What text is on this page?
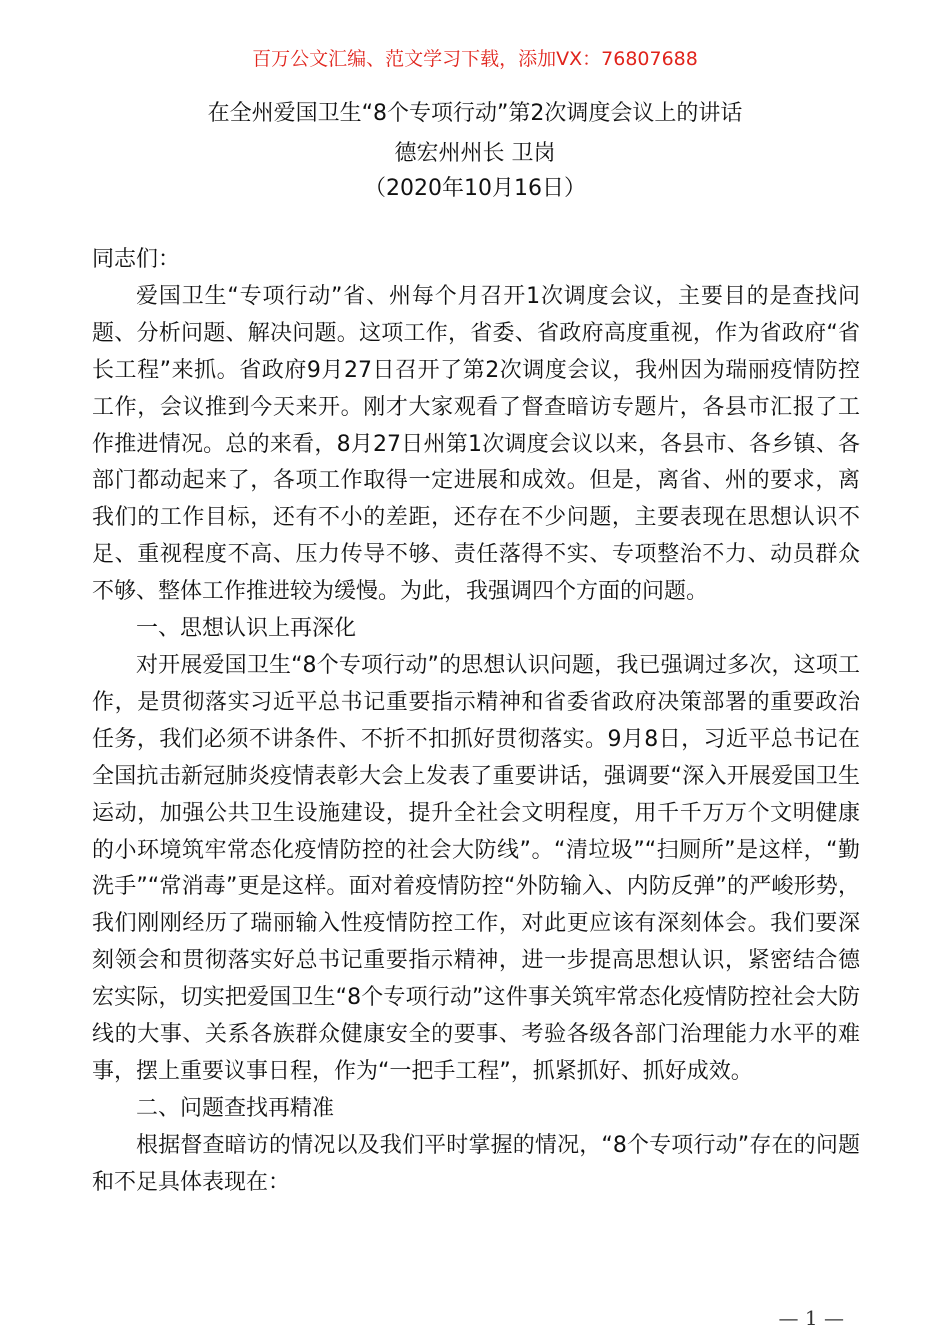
百万公文汇编、范文学习下载，添加VX：76807688
在全州爱国卫生“8个专项行动”第2次调度会议上的讲话
德宏州州长 卫岗
（2020年10月16日）

同志们：

爱国卫生“专项行动”省、州每个月召开1次调度会议，主要目的是查找问题、分析问题、解决问题。这项工作，省委、省政府高度重视，作为省政府“省长工程”来抓。省政府9月27日召开了第2次调度会议，我州因为瑞丽疫情防控工作，会议推到今天来开。刚才大家观看了督查暗访专题片，各县市汇报了工作推进情况。总的来看，8月27日州第1次调度会议以来，各县市、各乡镇、各部门都动起来了，各项工作取得一定进展和成效。但是，离省、州的要求，离我们的工作目标，还有不小的差距，还存在不少问题，主要表现在思想认识不足、重视程度不高、压力传导不够、责任落得不实、专项整治不力、动员群众不够、整体工作推进较为缓慢。为此，我强调四个方面的问题。

一、思想认识上再深化

对开展爱国卫生“8个专项行动”的思想认识问题，我已强调过多次，这项工作，是贯彻落实习近平总书记重要指示精神和省委省政府决策部署的重要政治任务，我们必须不讲条件、不折不扣抓好贯彻落实。9月8日，习近平总书记在全国抗击新冠肺炎疫情表彰大会上发表了重要讲话，强调要“深入开展爱国卫生运动，加强公共卫生设施建设，提升全社会文明程度，用千千万万个文明健康的小环境筑牢常态化疫情防控的社会大防线”。“清垃圾”“扫厕所”是这样，“勤洗手”“常消毒”更是这样。面对着疫情防控“外防输入、内防反弹”的严峻形势，我们刚刚经历了瑞丽输入性疫情防控工作，对此更应该有深刻体会。我们要深刻领会和贯彻落实好总书记重要指示精神，进一步提高思想认识，紧密结合德宏实际，切实把爱国卫生“8个专项行动”这件事关筑牢常态化疫情防控社会大防线的大事、关系各族群众健康安全的要事、考验各级各部门治理能力水平的难事，摆上重要议事日程，作为“一把手工程”，抓紧抓好、抓好成效。

二、问题查找再精准

根据督查暗访的情况以及我们平时掌握的情况，“8个专项行动”存在的问题和不足具体表现在：

— 1 —
